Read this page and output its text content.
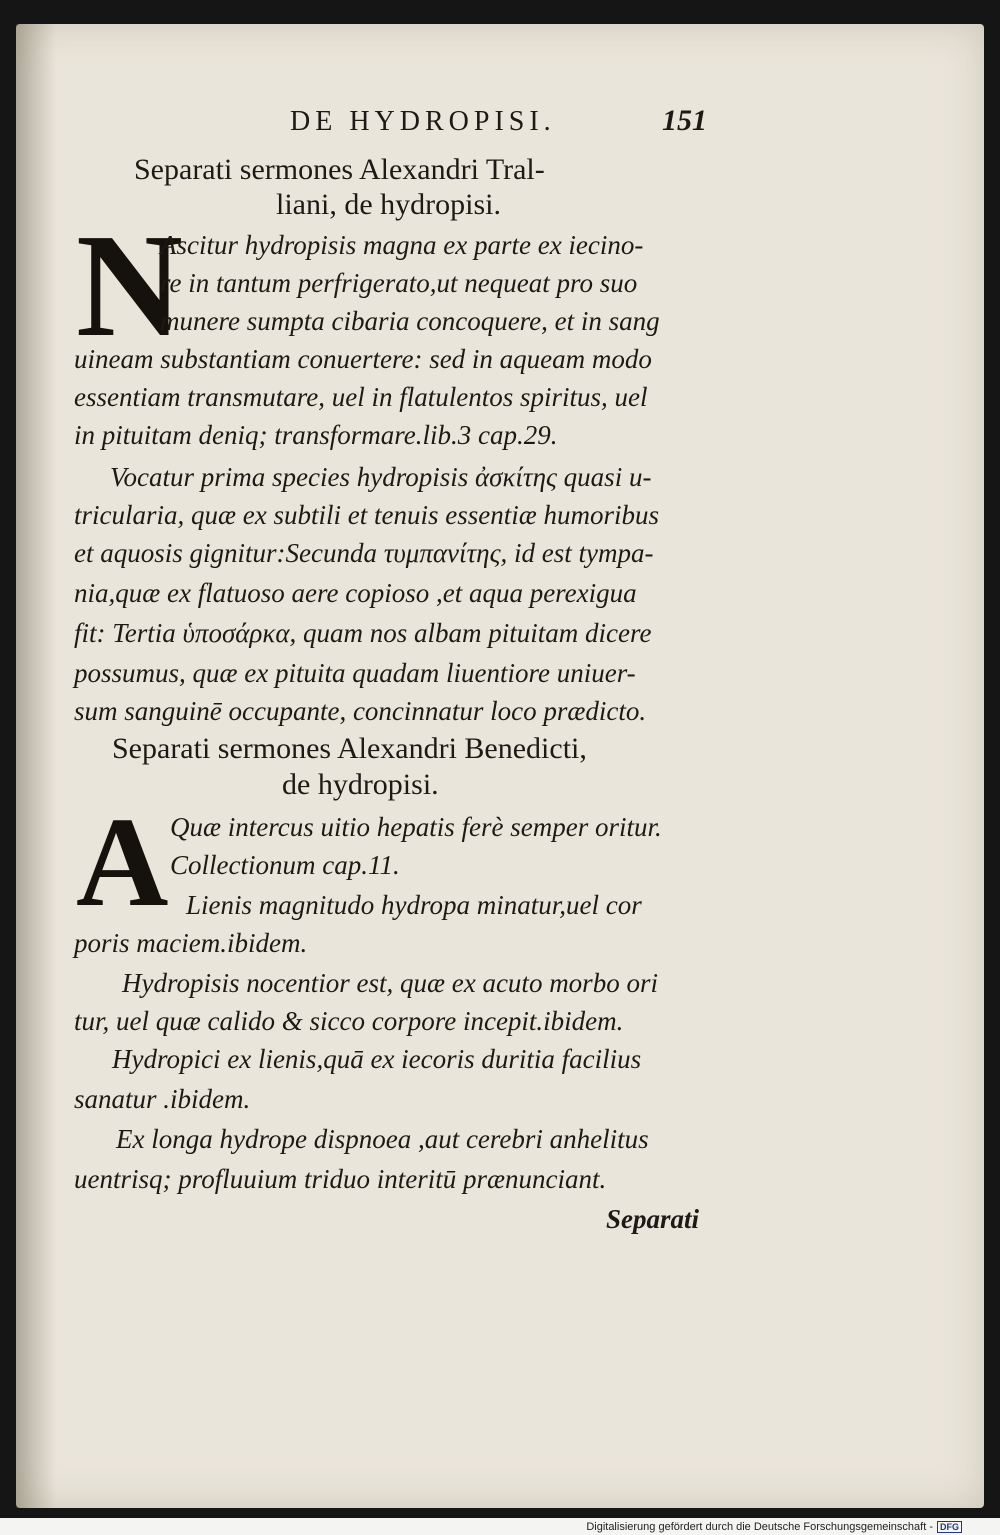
DE HYDROPISI.	151
Separati sermones Alexandri Tral-
liani, de hydropisi.
N
Ascitur hydropisis magna ex parte ex iecino-
re in tantum perfrigerato,ut nequeat pro suo
munere sumpta cibaria concoquere, et in sang
uineam substantiam conuertere: sed in aqueam modo
essentiam transmutare, uel in flatulentos spiritus, uel
in pituitam deniq; transformare.lib.3 cap.29.
Vocatur prima species hydropisis ἀσκίτης quasi u-
tricularia, quæ ex subtili et tenuis essentiæ humoribus
et aquosis gignitur:Secunda τυμπανίτης, id est tympa-
nia,quæ ex flatuoso aere copioso ,et aqua perexigua
fit: Tertia ὑποσάρκα, quam nos albam pituitam dicere
possumus, quæ ex pituita quadam liuentiore uniuer-
sum sanguinē occupante, concinnatur loco prædicto.
Separati sermones Alexandri Benedicti,
de hydropisi.
A Quæ intercus uitio hepatis ferè semper oritur.
Collectionum cap.11.
Lienis magnitudo hydropa minatur,uel cor
poris maciem.ibidem.
Hydropisis nocentior est, quæ ex acuto morbo ori
tur, uel quæ calido & sicco corpore incepit.ibidem.
Hydropici ex lienis,quā ex iecoris duritia facilius
sanatur .ibidem.
Ex longa hydrope dispnoea ,aut cerebri anhelitus
uentrisq; profluuium triduo interitū prænunciant.
Separati
Digitalisierung gefördert durch die Deutsche Forschungsgemeinschaft - DFG
